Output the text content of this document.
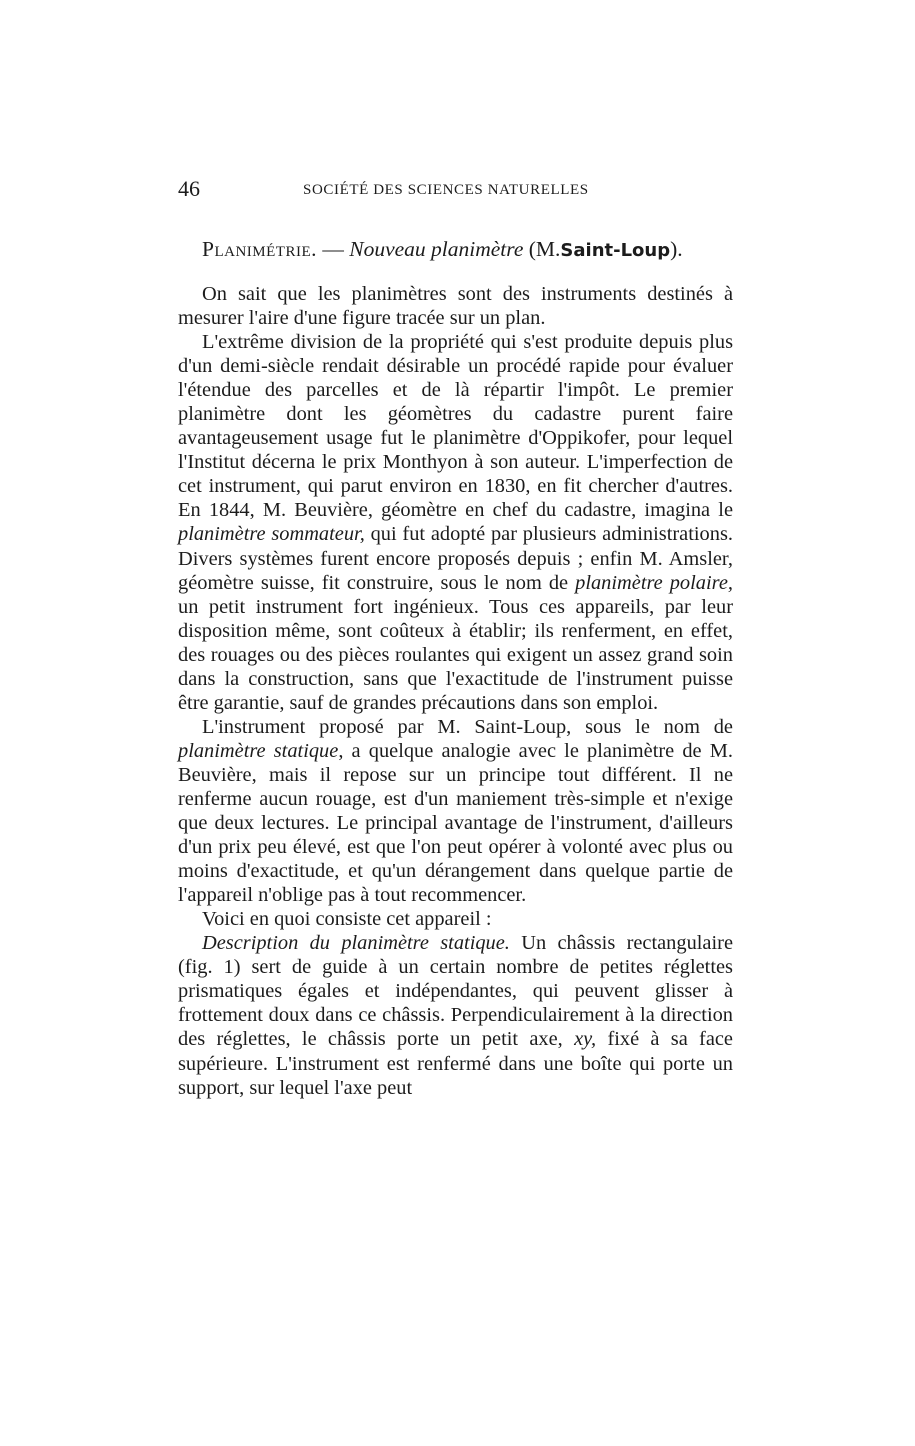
46	SOCIÉTÉ DES SCIENCES NATURELLES
Planimétrie. — Nouveau planimètre (M.Saint-Loup).

On sait que les planimètres sont des instruments destinés à mesurer l'aire d'une figure tracée sur un plan.

L'extrême division de la propriété qui s'est produite depuis plus d'un demi-siècle rendait désirable un procédé rapide pour évaluer l'étendue des parcelles et de là répartir l'impôt. Le premier planimètre dont les géomètres du cadastre purent faire avantageusement usage fut le planimètre d'Oppikofer, pour lequel l'Institut décerna le prix Monthyon à son auteur. L'imperfection de cet instrument, qui parut environ en 1830, en fit chercher d'autres. En 1844, M. Beuvière, géomètre en chef du cadastre, imagina le planimètre sommateur, qui fut adopté par plusieurs administrations. Divers systèmes furent encore proposés depuis ; enfin M. Amsler, géomètre suisse, fit construire, sous le nom de planimètre polaire, un petit instrument fort ingénieux. Tous ces appareils, par leur disposition même, sont coûteux à établir; ils renferment, en effet, des rouages ou des pièces roulantes qui exigent un assez grand soin dans la construction, sans que l'exactitude de l'instrument puisse être garantie, sauf de grandes précautions dans son emploi.

L'instrument proposé par M. Saint-Loup, sous le nom de planimètre statique, a quelque analogie avec le planimètre de M. Beuvière, mais il repose sur un principe tout différent. Il ne renferme aucun rouage, est d'un maniement très-simple et n'exige que deux lectures. Le principal avantage de l'instrument, d'ailleurs d'un prix peu élevé, est que l'on peut opérer à volonté avec plus ou moins d'exactitude, et qu'un dérangement dans quelque partie de l'appareil n'oblige pas à tout recommencer.

Voici en quoi consiste cet appareil :

Description du planimètre statique. Un châssis rectangulaire (fig. 1) sert de guide à un certain nombre de petites réglettes prismatiques égales et indépendantes, qui peuvent glisser à frottement doux dans ce châssis. Perpendiculairement à la direction des réglettes, le châssis porte un petit axe, xy, fixé à sa face supérieure. L'instrument est renfermé dans une boîte qui porte un support, sur lequel l'axe peut
